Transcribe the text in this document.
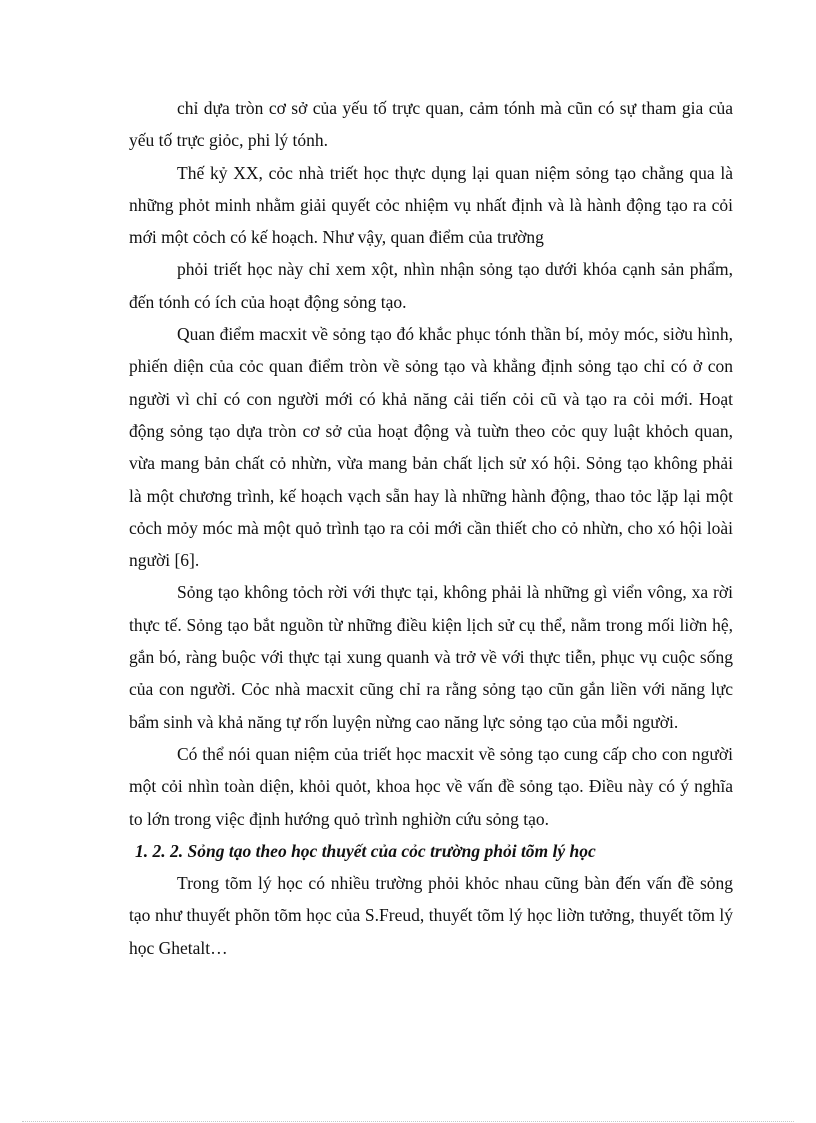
chỉ dựa tròn cơ sở của yếu tố trực quan, cảm tónh mà cũn có sự tham gia của yếu tố trực giỏc, phi lý tónh.

Thế kỷ XX, cỏc nhà triết học thực dụng lại quan niệm sỏng tạo chẳng qua là những phỏt minh nhằm giải quyết cỏc nhiệm vụ nhất định và là hành động tạo ra cỏi mới một cỏch có kế hoạch. Như vậy, quan điểm của trường

phỏi triết học này chỉ xem xột, nhìn nhận sỏng tạo dưới khóa cạnh sản phẩm, đến tónh có ích của hoạt động sỏng tạo.

Quan điểm macxit về sỏng tạo đó khắc phục tónh thần bí, mỏy móc, siờu hình, phiến diện của cỏc quan điểm tròn về sỏng tạo và khẳng định sỏng tạo chỉ có ở con người vì chỉ có con người mới có khả năng cải tiến cỏi cũ và tạo ra cỏi mới. Hoạt động sỏng tạo dựa tròn cơ sở của hoạt động và tuừn theo cỏc quy luật khỏch quan, vừa mang bản chất cỏ nhừn, vừa mang bản chất lịch sử xó hội. Sỏng tạo không phải là một chương trình, kế hoạch vạch sẵn hay là những hành động, thao tỏc lặp lại một cỏch mỏy móc mà một quỏ trình tạo ra cỏi mới cần thiết cho cỏ nhừn, cho xó hội loài người [6].

Sỏng tạo không tỏch rời với thực tại, không phải là những gì viển vông, xa rời thực tế. Sỏng tạo bắt nguồn từ những điều kiện lịch sử cụ thể, nằm trong mối liờn hệ, gắn bó, ràng buộc với thực tại xung quanh và trở về với thực tiễn, phục vụ cuộc sống của con người. Cỏc nhà macxit cũng chỉ ra rằng sỏng tạo cũn gắn liền với năng lực bẩm sinh và khả năng tự rốn luyện nừng cao năng lực sỏng tạo của mỗi người.

Có thể nói quan niệm của triết học macxit về sỏng tạo cung cấp cho con người một cỏi nhìn toàn diện, khỏi quỏt, khoa học về vấn đề sỏng tạo. Điều này có ý nghĩa to lớn trong việc định hướng quỏ trình nghiờn cứu sỏng tạo.

1. 2. 2. Sỏng tạo theo học thuyết của cỏc trường phỏi tõm lý học

Trong tõm lý học có nhiều trường phỏi khỏc nhau cũng bàn đến vấn đề sỏng tạo như thuyết phõn tõm học của S.Freud, thuyết tõm lý học liờn tưởng, thuyết tõm lý học Ghetalt…
